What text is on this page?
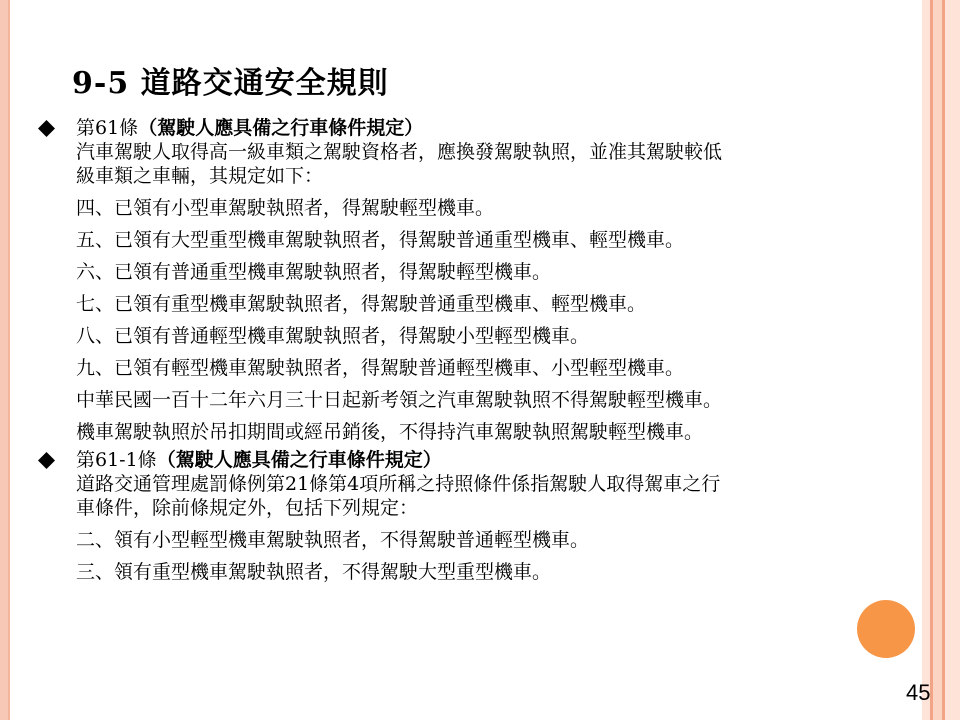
9-5 道路交通安全規則
第61條（駕駛人應具備之行車條件規定）
汽車駕駛人取得高一級車類之駕駛資格者，應換發駕駛執照，並准其駕駛較低
級車類之車輛，其規定如下：
四、已領有小型車駕駛執照者，得駕駛輕型機車。
五、已領有大型重型機車駕駛執照者，得駕駛普通重型機車、輕型機車。
六、已領有普通重型機車駕駛執照者，得駕駛輕型機車。
七、已領有重型機車駕駛執照者，得駕駛普通重型機車、輕型機車。
八、已領有普通輕型機車駕駛執照者，得駕駛小型輕型機車。
九、已領有輕型機車駕駛執照者，得駕駛普通輕型機車、小型輕型機車。
中華民國一百十二年六月三十日起新考領之汽車駕駛執照不得駕駛輕型機車。
機車駕駛執照於吊扣期間或經吊銷後，不得持汽車駕駛執照駕駛輕型機車。
第61-1條（駕駛人應具備之行車條件規定）
道路交通管理處罰條例第21條第4項所稱之持照條件係指駕駛人取得駕車之行
車條件，除前條規定外，包括下列規定：
二、領有小型輕型機車駕駛執照者，不得駕駛普通輕型機車。
三、領有重型機車駕駛執照者，不得駕駛大型重型機車。
45
